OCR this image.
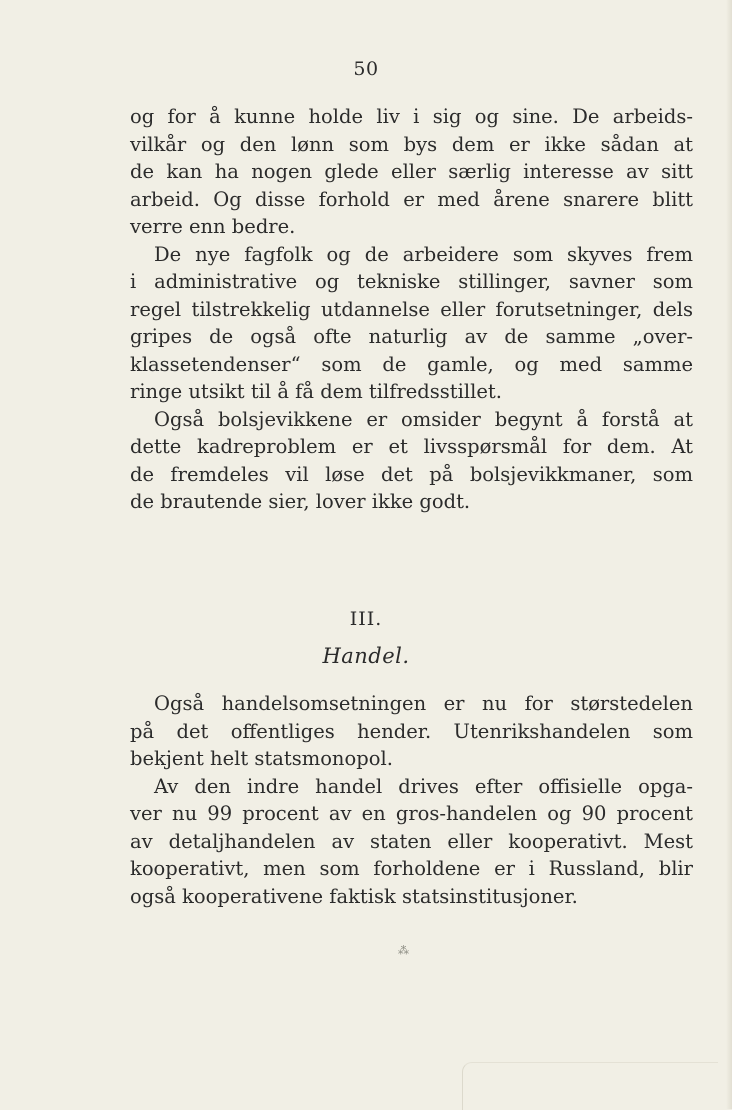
50
og for å kunne holde liv i sig og sine. De arbeids-
vilkår og den lønn som bys dem er ikke sådan at
de kan ha nogen glede eller særlig interesse av sitt
arbeid. Og disse forhold er med årene snarere blitt
verre enn bedre.
De nye fagfolk og de arbeidere som skyves frem
i administrative og tekniske stillinger, savner som
regel tilstrekkelig utdannelse eller forutsetninger, dels
gripes de også ofte naturlig av de samme „over-
klassetendenser“ som de gamle, og med samme
ringe utsikt til å få dem tilfredsstillet.
Også bolsjevikkene er omsider begynt å forstå at
dette kadreproblem er et livsspørsmål for dem. At
de fremdeles vil løse det på bolsjevikkmaner, som
de brautende sier, lover ikke godt.
III.
Handel.
Også handelsomsetningen er nu for størstedelen
på det offentliges hender. Utenrikshandelen som
bekjent helt statsmonopol.
Av den indre handel drives efter offisielle opga-
ver nu 99 procent av en gros-handelen og 90 procent
av detaljhandelen av staten eller kooperativt. Mest
kooperativt, men som forholdene er i Russland, blir
også kooperativene faktisk statsinstitusjoner.
⁂
